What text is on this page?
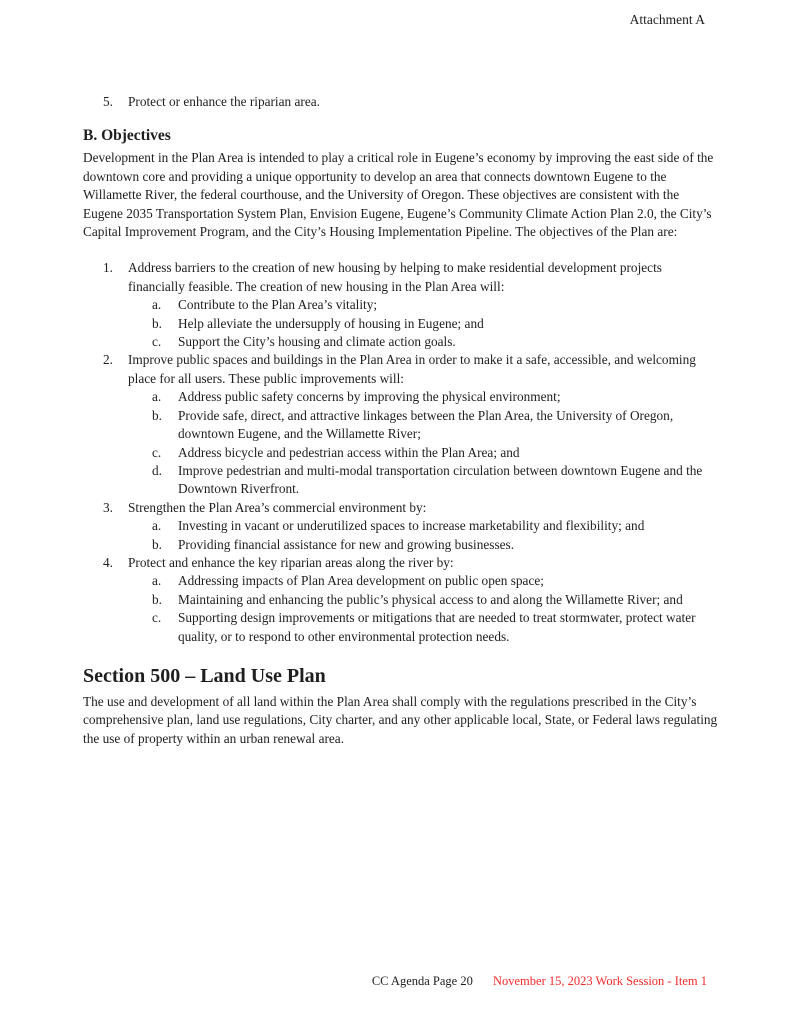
Attachment A
5.	Protect or enhance the riparian area.
B. Objectives

Development in the Plan Area is intended to play a critical role in Eugene’s economy by improving the east side of the downtown core and providing a unique opportunity to develop an area that connects downtown Eugene to the Willamette River, the federal courthouse, and the University of Oregon. These objectives are consistent with the Eugene 2035 Transportation System Plan, Envision Eugene, Eugene’s Community Climate Action Plan 2.0, the City’s Capital Improvement Program, and the City’s Housing Implementation Pipeline. The objectives of the Plan are:

1.	Address barriers to the creation of new housing by helping to make residential development projects financially feasible. The creation of new housing in the Plan Area will:
a.	Contribute to the Plan Area’s vitality;
b.	Help alleviate the undersupply of housing in Eugene; and
c.	Support the City’s housing and climate action goals.
2.	Improve public spaces and buildings in the Plan Area in order to make it a safe, accessible, and welcoming place for all users. These public improvements will:
a.	Address public safety concerns by improving the physical environment;
b.	Provide safe, direct, and attractive linkages between the Plan Area, the University of Oregon, downtown Eugene, and the Willamette River;
c.	Address bicycle and pedestrian access within the Plan Area; and
d.	Improve pedestrian and multi-modal transportation circulation between downtown Eugene and the Downtown Riverfront.
3.	Strengthen the Plan Area’s commercial environment by:
a.	Investing in vacant or underutilized spaces to increase marketability and flexibility; and
b.	Providing financial assistance for new and growing businesses.
4.	Protect and enhance the key riparian areas along the river by:
a.	Addressing impacts of Plan Area development on public open space;
b.	Maintaining and enhancing the public’s physical access to and along the Willamette River; and
c.	Supporting design improvements or mitigations that are needed to treat stormwater, protect water quality, or to respond to other environmental protection needs.
Section 500 – Land Use Plan

The use and development of all land within the Plan Area shall comply with the regulations prescribed in the City’s comprehensive plan, land use regulations, City charter, and any other applicable local, State, or Federal laws regulating the use of property within an urban renewal area.

CC Agenda Page 20 November 15, 2023 Work Session - Item 1
